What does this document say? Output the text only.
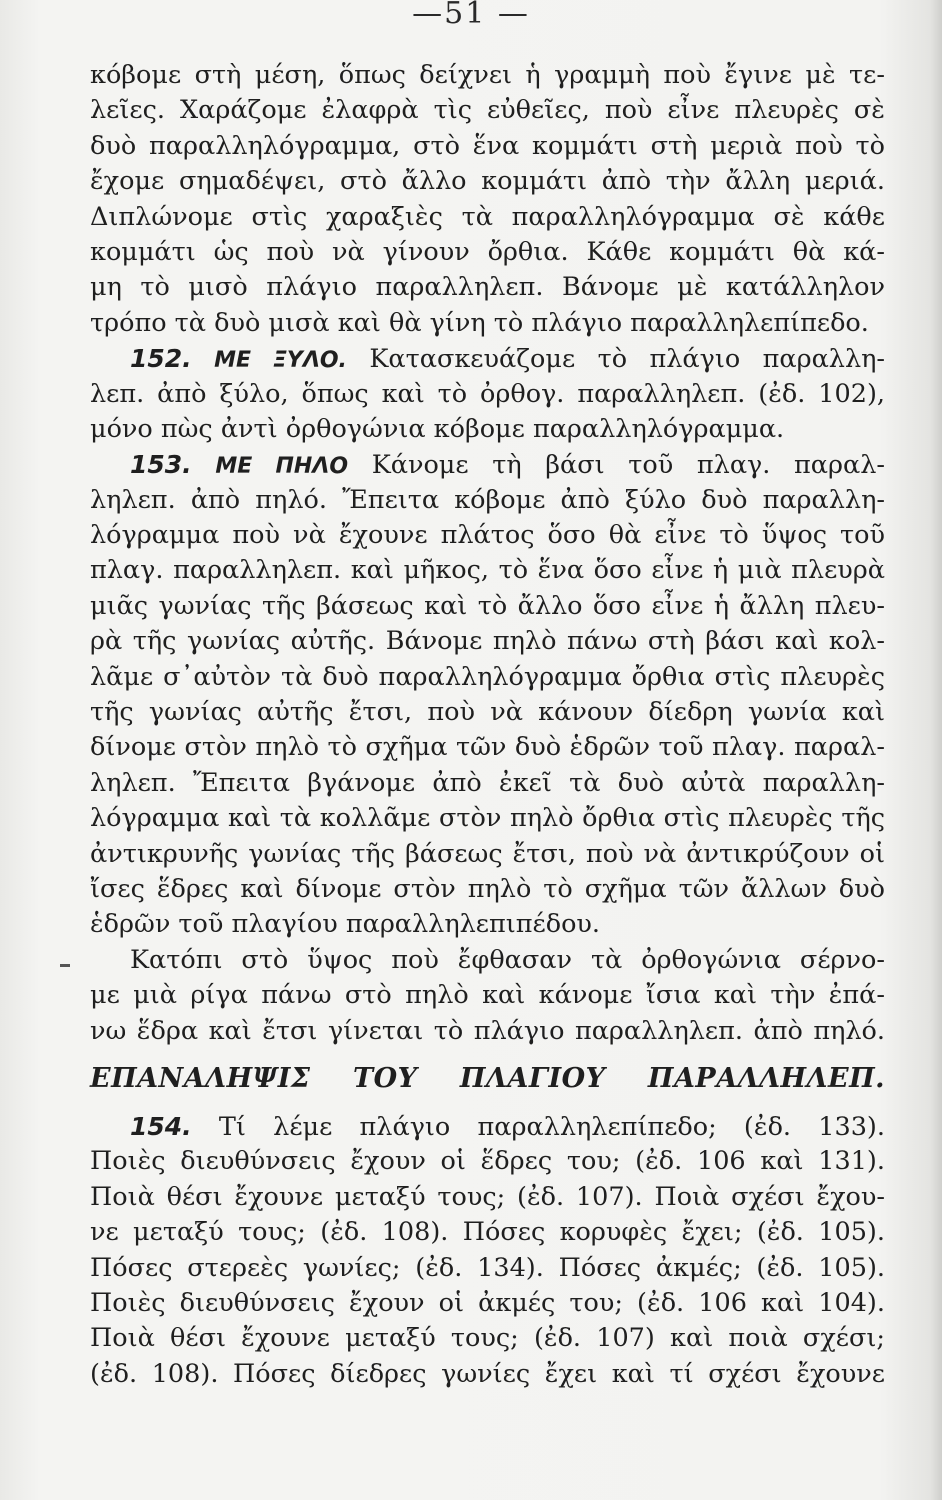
—51 —
κόβομε στὴ μέση, ὅπως δείχνει ἡ γραμμὴ ποὺ ἔγινε μὲ τε-
λεῖες. Χαράζομε ἐλαφρὰ τὶς εὐθεῖες, ποὺ εἶνε πλευρὲς σὲ
δυὸ παραλληλόγραμμα, στὸ ἕνα κομμάτι στὴ μεριὰ ποὺ τὸ
ἔχομε σημαδέψει, στὸ ἄλλο κομμάτι ἀπὸ τὴν ἄλλη μεριά.
Διπλώνομε στὶς χαραξιὲς τὰ παραλληλόγραμμα σὲ κάθε
κομμάτι ὡς ποὺ νὰ γίνουν ὄρθια. Κάθε κομμάτι θὰ κά-
μη τὸ μισὸ πλάγιο παραλληλεπ. Βάνομε μὲ κατάλληλον
τρόπο τὰ δυὸ μισὰ καὶ θὰ γίνη τὸ πλάγιο παραλληλεπίπεδο.
152. ΜΕ ΞΥΛΟ. Κατασκευάζομε τὸ πλάγιο παραλλη-
λεπ. ἀπὸ ξύλο, ὅπως καὶ τὸ ὀρθογ. παραλληλεπ. (ἐδ. 102),
μόνο πὼς ἀντὶ ὀρθογώνια κόβομε παραλληλόγραμμα.
153. ΜΕ ΠΗΛΟ Κάνομε τὴ βάσι τοῦ πλαγ. παραλ-
ληλεπ. ἀπὸ πηλό. Ἔπειτα κόβομε ἀπὸ ξύλο δυὸ παραλλη-
λόγραμμα ποὺ νὰ ἔχουνε πλάτος ὅσο θὰ εἶνε τὸ ὕψος τοῦ
πλαγ. παραλληλεπ. καὶ μῆκος, τὸ ἕνα ὅσο εἶνε ἡ μιὰ πλευρὰ
μιᾶς γωνίας τῆς βάσεως καὶ τὸ ἄλλο ὅσο εἶνε ἡ ἄλλη πλευ-
ρὰ τῆς γωνίας αὐτῆς. Βάνομε πηλὸ πάνω στὴ βάσι καὶ κολ-
λᾶμε σ᾽αὐτὸν τὰ δυὸ παραλληλόγραμμα ὄρθια στὶς πλευρὲς
τῆς γωνίας αὐτῆς ἔτσι, ποὺ νὰ κάνουν δίεδρη γωνία καὶ
δίνομε στὸν πηλὸ τὸ σχῆμα τῶν δυὸ ἑδρῶν τοῦ πλαγ. παραλ-
ληλεπ. Ἔπειτα βγάνομε ἀπὸ ἐκεῖ τὰ δυὸ αὐτὰ παραλλη-
λόγραμμα καὶ τὰ κολλᾶμε στὸν πηλὸ ὄρθια στὶς πλευρὲς τῆς
ἀντικρυνῆς γωνίας τῆς βάσεως ἔτσι, ποὺ νὰ ἀντικρύζουν οἱ
ἴσες ἕδρες καὶ δίνομε στὸν πηλὸ τὸ σχῆμα τῶν ἄλλων δυὸ
ἑδρῶν τοῦ πλαγίου παραλληλεπιπέδου.
Κατόπι στὸ ὕψος ποὺ ἔφθασαν τὰ ὀρθογώνια σέρνο-
με μιὰ ρίγα πάνω στὸ πηλὸ καὶ κάνομε ἴσια καὶ τὴν ἐπά-
νω ἕδρα καὶ ἔτσι γίνεται τὸ πλάγιο παραλληλεπ. ἀπὸ πηλό.
ΕΠΑΝΑΛΗΨΙΣ ΤΟΥ ΠΛΑΓΙΟΥ ΠΑΡΑΛΛΗΛΕΠ.
154. Τί λέμε πλάγιο παραλληλεπίπεδο; (ἐδ. 133).
Ποιὲς διευθύνσεις ἔχουν οἱ ἕδρες του; (ἐδ. 106 καὶ 131).
Ποιὰ θέσι ἔχουνε μεταξύ τους; (ἐδ. 107). Ποιὰ σχέσι ἔχου-
νε μεταξύ τους; (ἐδ. 108). Πόσες κορυφὲς ἔχει; (ἐδ. 105).
Πόσες στερεὲς γωνίες; (ἐδ. 134). Πόσες ἀκμές; (ἐδ. 105).
Ποιὲς διευθύνσεις ἔχουν οἱ ἀκμές του; (ἐδ. 106 καὶ 104).
Ποιὰ θέσι ἔχουνε μεταξύ τους; (ἐδ. 107) καὶ ποιὰ σχέσι;
(ἐδ. 108). Πόσες δίεδρες γωνίες ἔχει καὶ τί σχέσι ἔχουνε
